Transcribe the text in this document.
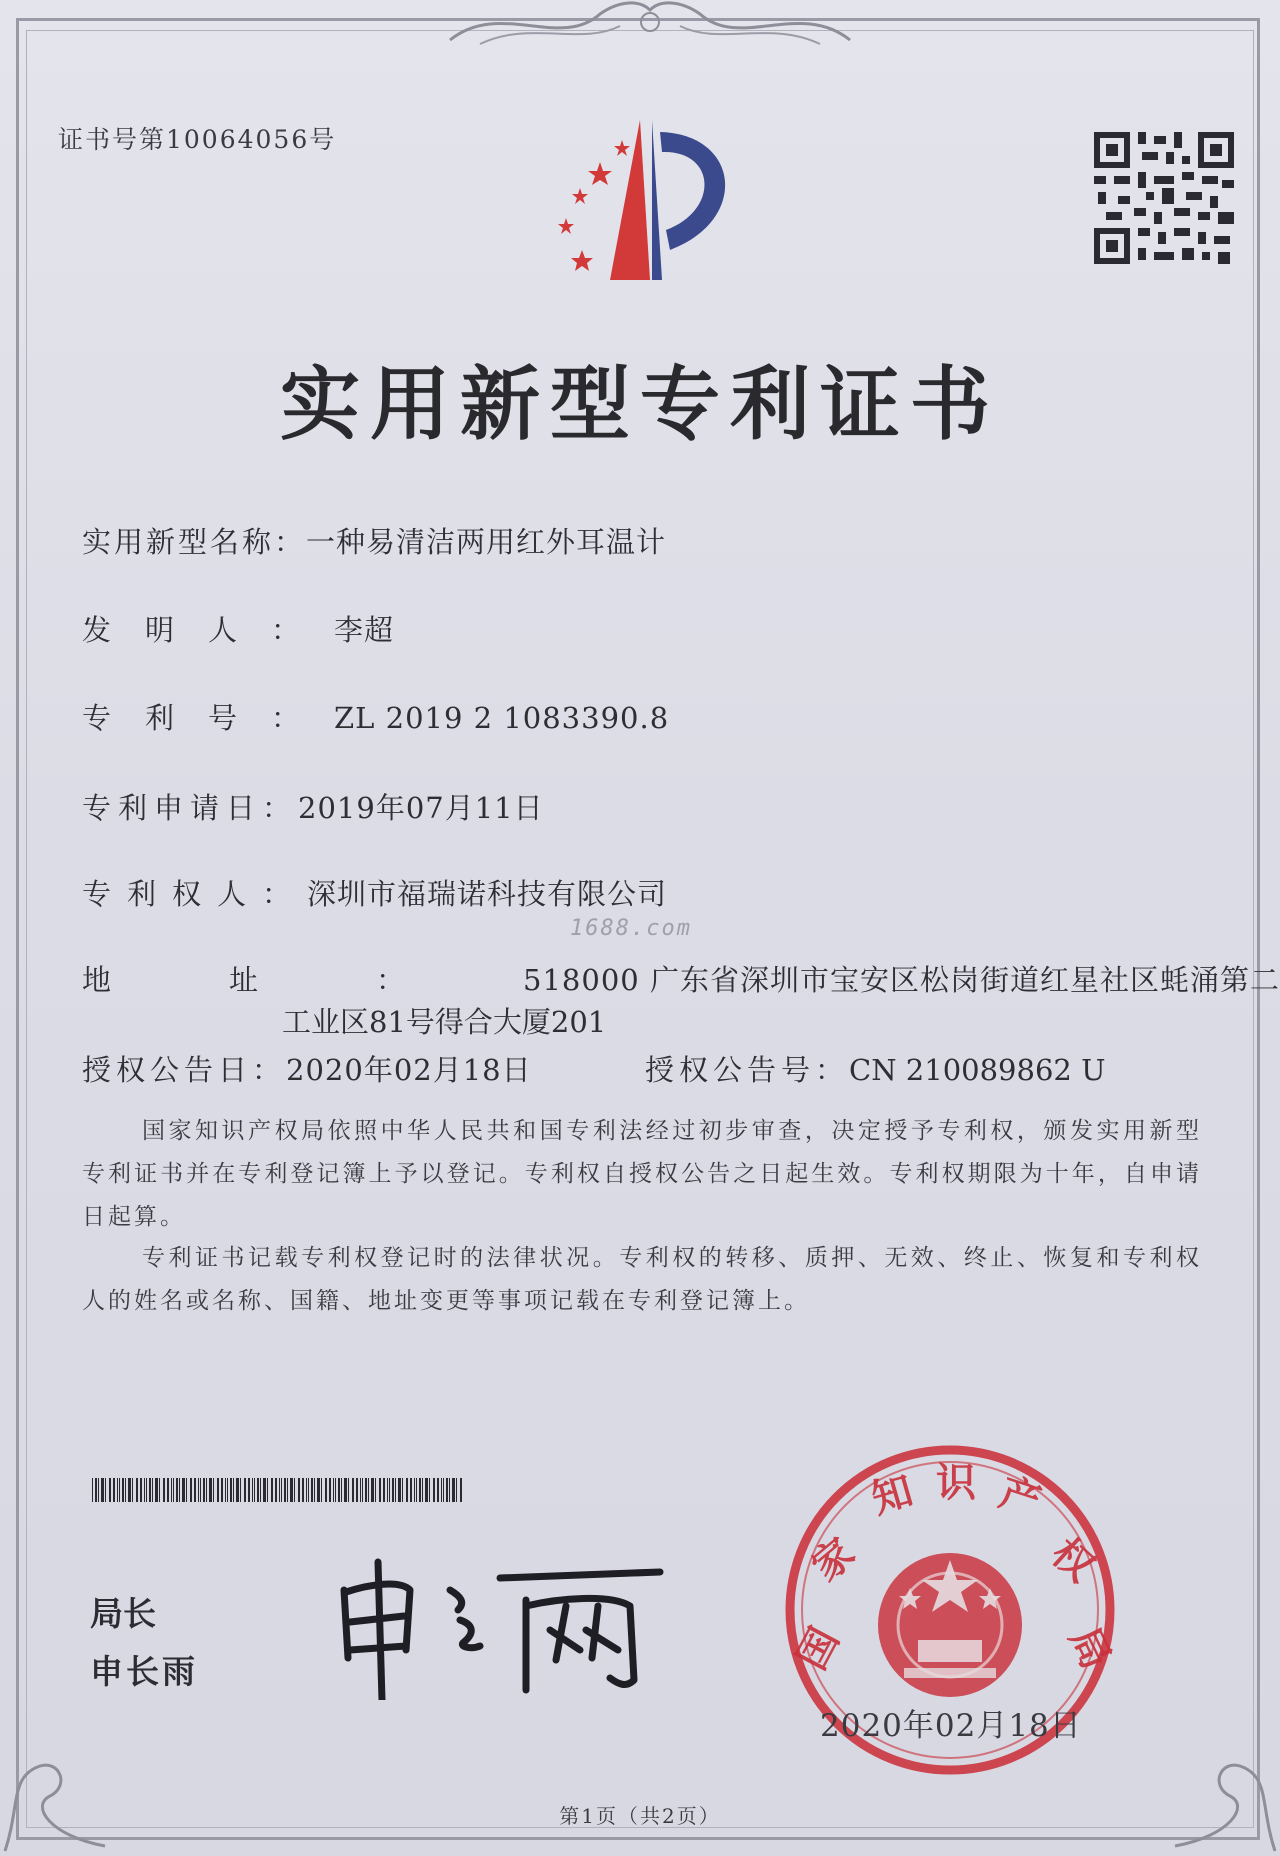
证书号第10064056号
实用新型专利证书
实用新型名称：一种易清洁两用红外耳温计
发明人：李超
专利号：ZL 2019 2 1083390.8
专利申请日：2019年07月11日
专利权人：深圳市福瑞诺科技有限公司
地址：518000 广东省深圳市宝安区松岗街道红星社区蚝涌第二
工业区81号得合大厦201
授权公告日：2020年02月18日	授权公告号：CN 210089862 U
1688.com
国家知识产权局依照中华人民共和国专利法经过初步审查，决定授予专利权，颁发实用新型专利证书并在专利登记簿上予以登记。专利权自授权公告之日起生效。专利权期限为十年，自申请日起算。
专利证书记载专利权登记时的法律状况。专利权的转移、质押、无效、终止、恢复和专利权人的姓名或名称、国籍、地址变更等事项记载在专利登记簿上。
局长
申长雨	国
家
知 识 产
权
局
2020年02月18日
第1页（共2页）
